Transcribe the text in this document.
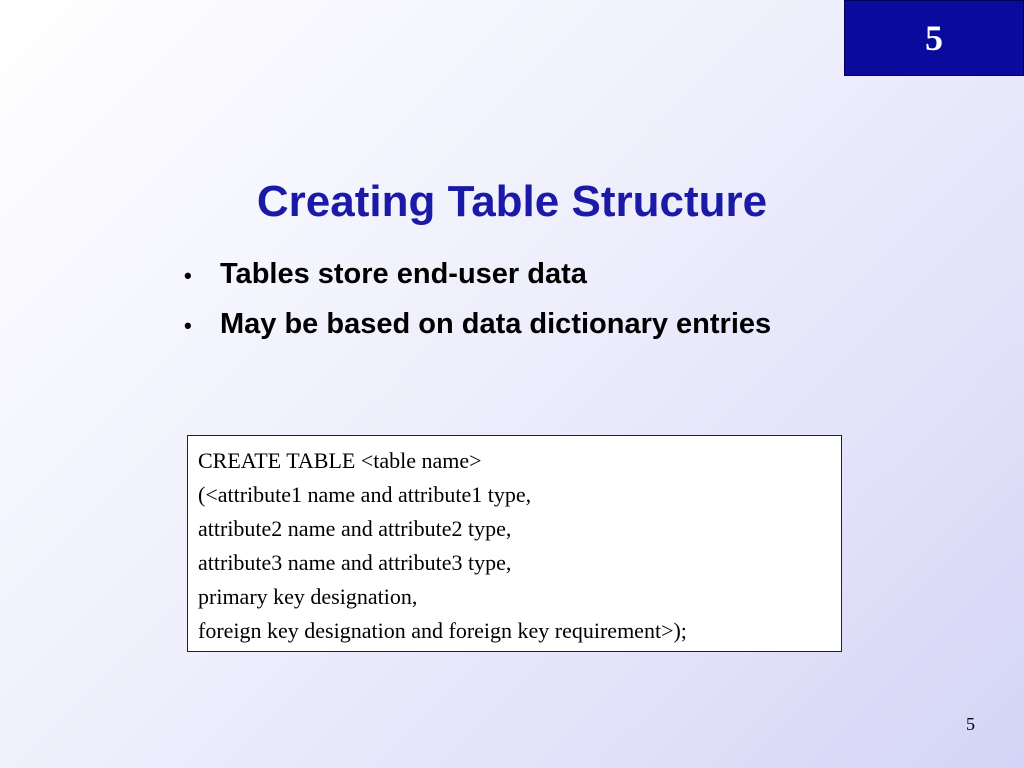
5
Creating Table Structure
• Tables store end-user data
• May be based on data dictionary entries
CREATE TABLE <table name>
(<attribute1 name and attribute1 type,
attribute2 name and attribute2 type,
attribute3 name and attribute3 type,
primary key designation,
foreign key designation and foreign key requirement>);
5
